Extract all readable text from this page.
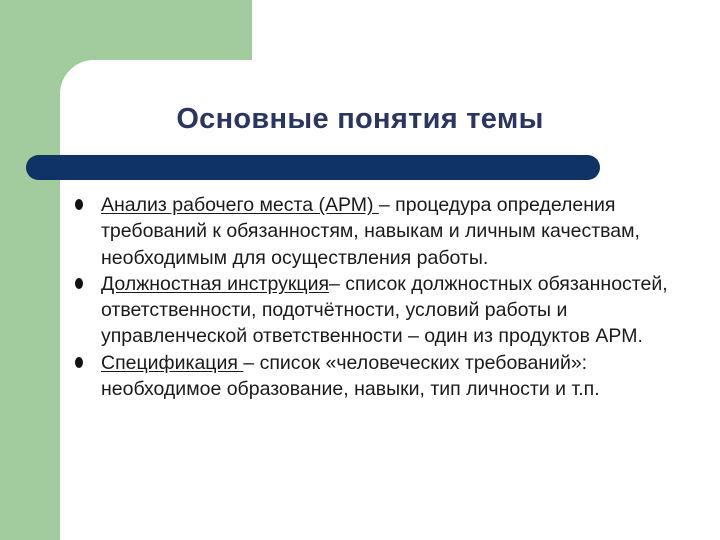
Основные понятия темы
Анализ рабочего места (АРМ) – процедура определения требований к обязанностям, навыкам и личным качествам, необходимым для осуществления работы.
Должностная инструкция– список должностных обязанностей, ответственности, подотчётности, условий работы и управленческой ответственности – один из продуктов АРМ.
Спецификация – список «человеческих требований»: необходимое образование, навыки, тип личности и т.п.
